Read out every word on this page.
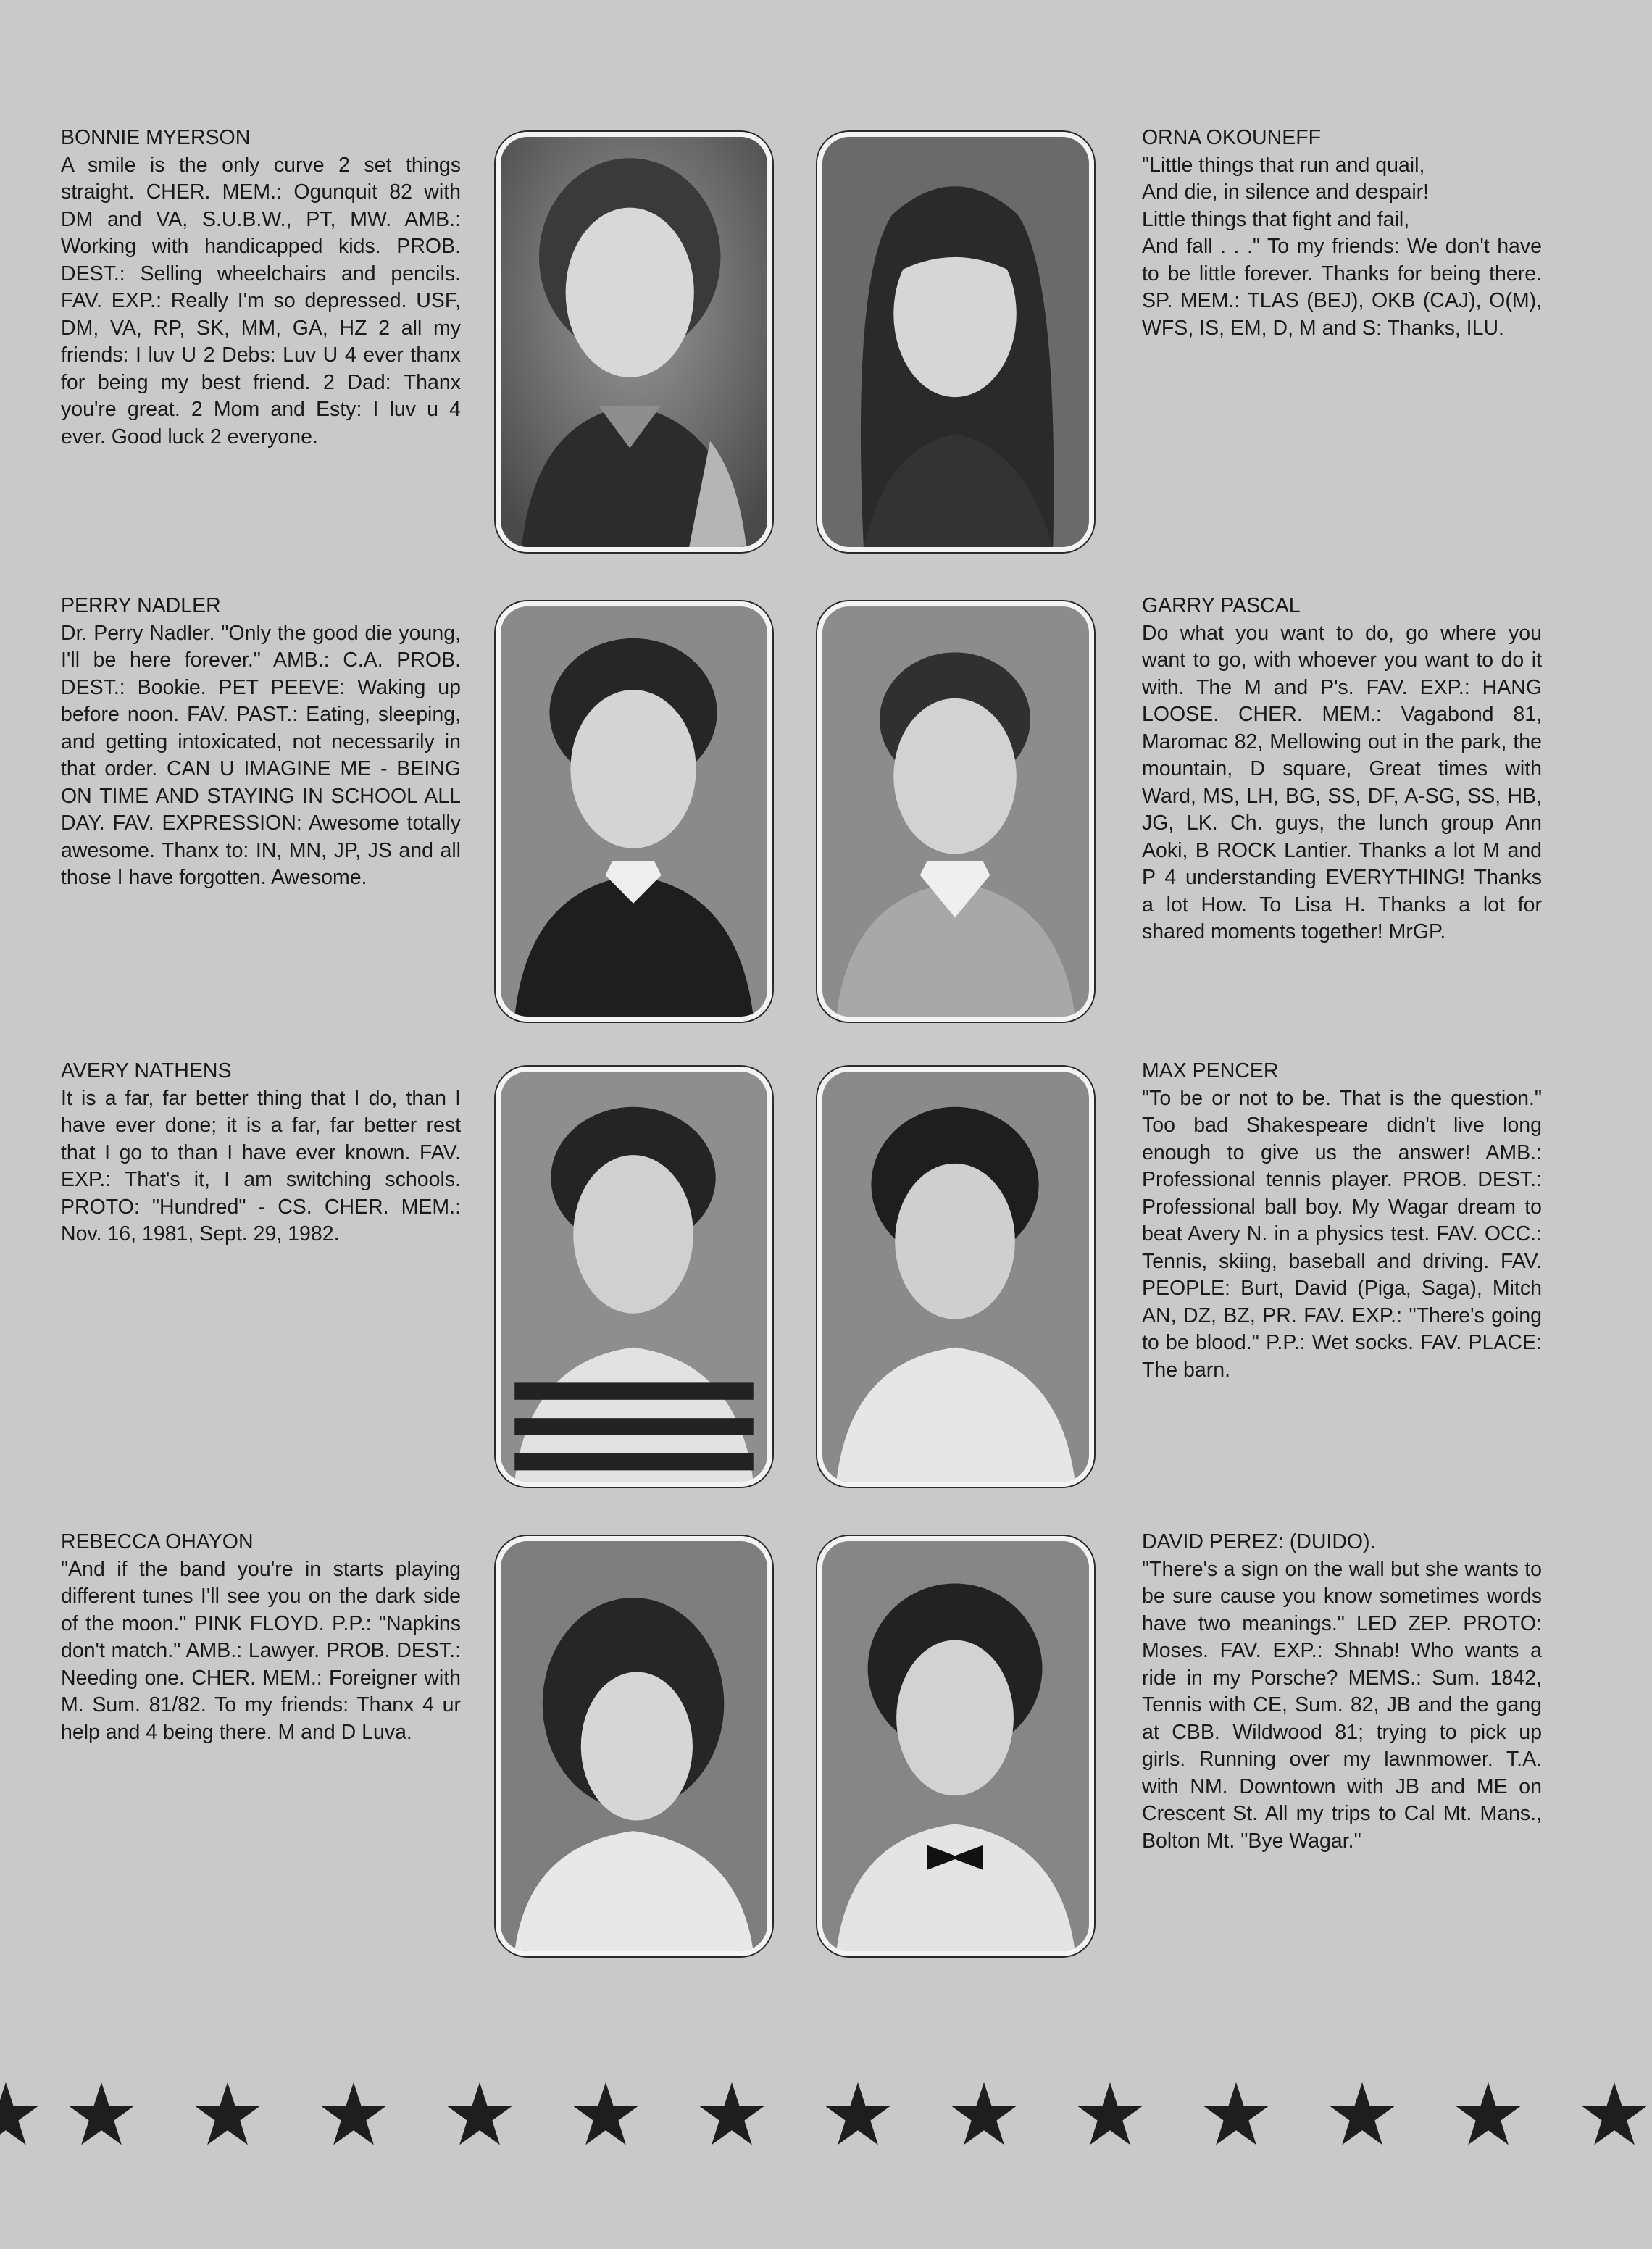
BONNIE MYERSON
A smile is the only curve 2 set things straight. CHER. MEM.: Ogunquit 82 with DM and VA, S.U.B.W., PT, MW. AMB.: Working with handicapped kids. PROB. DEST.: Selling wheelchairs and pencils. FAV. EXP.: Really I'm so depressed. USF, DM, VA, RP, SK, MM, GA, HZ 2 all my friends: I luv U 2 Debs: Luv U 4 ever thanx for being my best friend. 2 Dad: Thanx you're great. 2 Mom and Esty: I luv u 4 ever. Good luck 2 everyone.
ORNA OKOUNEFF
"Little things that run and quail,
And die, in silence and despair!
Little things that fight and fail,
And fall . . ." To my friends: We don't have to be little forever. Thanks for being there. SP. MEM.: TLAS (BEJ), OKB (CAJ), O(M), WFS, IS, EM, D, M and S: Thanks, ILU.
PERRY NADLER
Dr. Perry Nadler. "Only the good die young, I'll be here forever." AMB.: C.A. PROB. DEST.: Bookie. PET PEEVE: Waking up before noon. FAV. PAST.: Eating, sleeping, and getting intoxicated, not necessarily in that order. CAN U IMAGINE ME - BEING ON TIME AND STAYING IN SCHOOL ALL DAY. FAV. EXPRESSION: Awesome totally awesome. Thanx to: IN, MN, JP, JS and all those I have forgotten. Awesome.
GARRY PASCAL
Do what you want to do, go where you want to go, with whoever you want to do it with. The M and P's. FAV. EXP.: HANG LOOSE. CHER. MEM.: Vagabond 81, Maromac 82, Mellowing out in the park, the mountain, D square, Great times with Ward, MS, LH, BG, SS, DF, A-SG, SS, HB, JG, LK. Ch. guys, the lunch group Ann Aoki, B ROCK Lantier. Thanks a lot M and P 4 understanding EVERYTHING! Thanks a lot How. To Lisa H. Thanks a lot for shared moments together! MrGP.
AVERY NATHENS
It is a far, far better thing that I do, than I have ever done; it is a far, far better rest that I go to than I have ever known. FAV. EXP.: That's it, I am switching schools. PROTO: "Hundred" - CS. CHER. MEM.: Nov. 16, 1981, Sept. 29, 1982.
MAX PENCER
"To be or not to be. That is the question." Too bad Shakespeare didn't live long enough to give us the answer! AMB.: Professional tennis player. PROB. DEST.: Professional ball boy. My Wagar dream to beat Avery N. in a physics test. FAV. OCC.: Tennis, skiing, baseball and driving. FAV. PEOPLE: Burt, David (Piga, Saga), Mitch AN, DZ, BZ, PR. FAV. EXP.: "There's going to be blood." P.P.: Wet socks. FAV. PLACE: The barn.
REBECCA OHAYON
"And if the band you're in starts playing different tunes I'll see you on the dark side of the moon." PINK FLOYD. P.P.: "Napkins don't match." AMB.: Lawyer. PROB. DEST.: Needing one. CHER. MEM.: Foreigner with M. Sum. 81/82. To my friends: Thanx 4 ur help and 4 being there. M and D Luva.
DAVID PEREZ: (DUIDO).
"There's a sign on the wall but she wants to be sure cause you know sometimes words have two meanings." LED ZEP. PROTO: Moses. FAV. EXP.: Shnab! Who wants a ride in my Porsche? MEMS.: Sum. 1842, Tennis with CE, Sum. 82, JB and the gang at CBB. Wildwood 81; trying to pick up girls. Running over my lawnmower. T.A. with NM. Downtown with JB and ME on Crescent St. All my trips to Cal Mt. Mans., Bolton Mt. "Bye Wagar."
